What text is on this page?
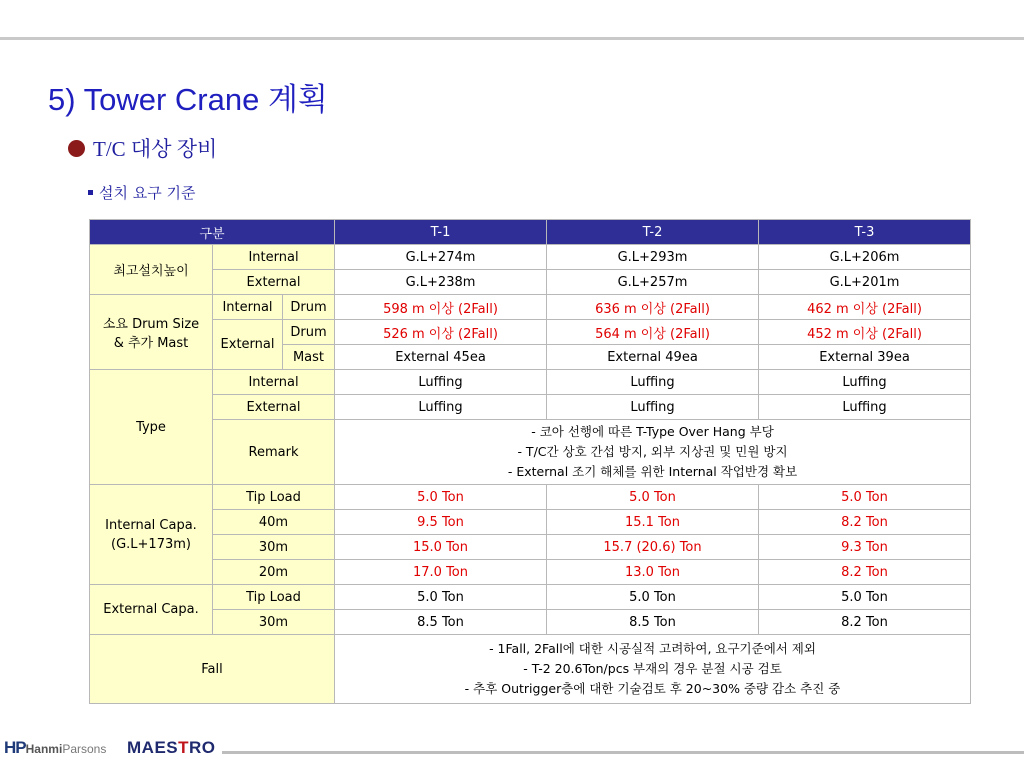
5) Tower Crane 계획
T/C 대상 장비
설치 요구 기준
구분			T-1	T-2	T-3
최고설치높이	Internal		G.L+274m	G.L+293m	G.L+206m
	External		G.L+238m	G.L+257m	G.L+201m

소요 Drum Size
& 추가 Mast	Internal	Drum	598 m 이상 (2Fall)	636 m 이상 (2Fall)	462 m 이상 (2Fall)
	External	Drum	526 m 이상 (2Fall)	564 m 이상 (2Fall)	452 m 이상 (2Fall)
		Mast	External 45ea	External 49ea	External 39ea
Type	Internal		Luffing	Luffing	Luffing
	External		Luffing	Luffing	Luffing
	Remark		- 코아 선행에 따른 T-Type Over Hang 부당
- T/C간 상호 간섭 방지, 외부 지상권 및 민원 방지
- External 조기 해체를 위한 Internal 작업반경 확보		

Internal Capa.
(G.L+173m)	Tip Load		5.0 Ton	5.0 Ton	5.0 Ton
	40m		9.5 Ton	15.1 Ton	8.2 Ton
	30m		15.0 Ton	15.7 (20.6) Ton	9.3 Ton
	20m		17.0 Ton	13.0 Ton	8.2 Ton
External Capa.	Tip Load		5.0 Ton	5.0 Ton	5.0 Ton
	30m		8.5 Ton	8.5 Ton	8.2 Ton
Fall			- 1Fall, 2Fall에 대한 시공실적 고려하여, 요구기준에서 제외
- T-2 20.6Ton/pcs 부재의 경우 분절 시공 검토
- 추후 Outrigger층에 대한 기술검토 후 20~30% 중량 감소 추진 중		
HPHanmiParsons MAESTRO
